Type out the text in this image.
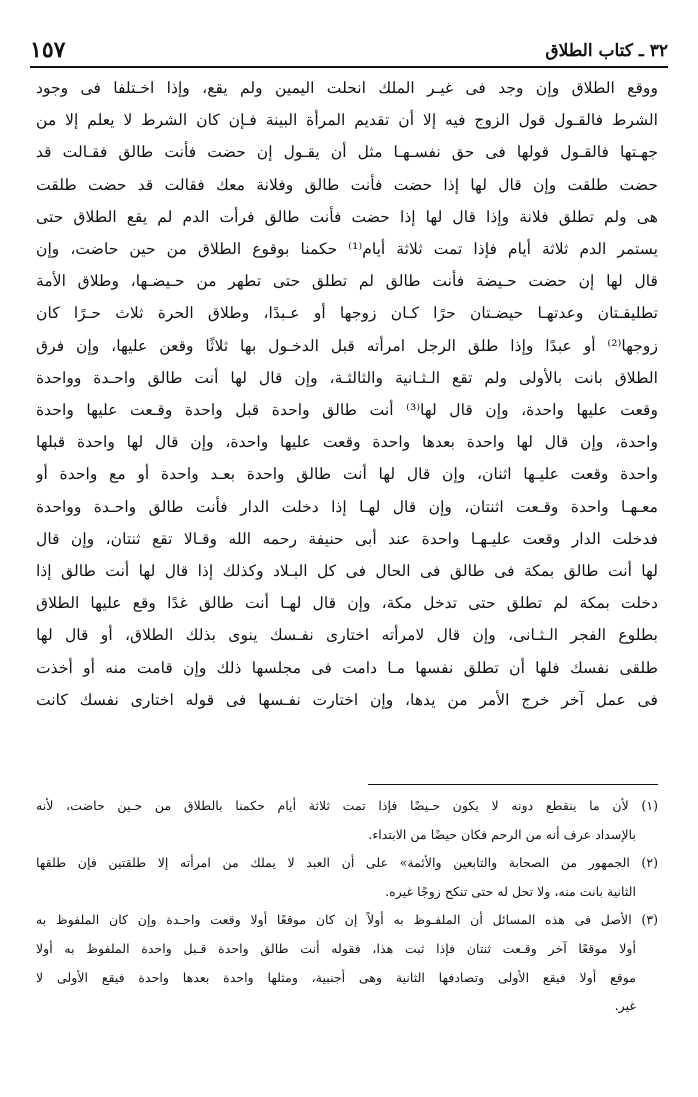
٣٢ ـ كتاب الطلاق
١٥٧
ووقع الطلاق وإن وجد فى غيـر الملك انحلت اليمين ولم يقع، وإذا اخـتلفا فى وجود
الشرط فالقـول قول الزوج فيه إلا أن تقديم المرأة البينة فـإن كان الشرط لا يعلم إلا من
جهـتها فالقـول قولها فى حق نفسـهـا مثل أن يقـول إن حضت فأنت طالق فقـالت قد
حضت طلقت وإن قال لها إذا حضت فأنت طالق وفلانة معك فقالت قد حضت طلقت
هى ولم تطلق فلانة وإذا قال لها إذا حضت فأنت طالق فرأت الدم لم يقع الطلاق حتى
يستمر الدم ثلاثة أيام فإذا تمت ثلاثة أيام⁽¹⁾ حكمنا بوقوع الطلاق من حين حاضت، وإن
قال لها إن حضت حـيضة فأنت طالق لم تطلق حتى تطهر من حـيضـها، وطلاق الأمة
تطليقـتان وعدتهـا حيضـتان حرًا كـان زوجها أو عـبدًا، وطلاق الحرة ثلاث حـرًا كان
زوجها⁽²⁾ أو عبدًا وإذا طلق الرجل امرأته قبل الدخـول بها ثلاثًا وقعن عليها، وإن فرق
الطلاق بانت بالأولى ولم تقع الـثـانية والثالثـة، وإن قال لها أنت طالق واحـدة وواحدة
وقعت عليها واحدة، وإن قال لها⁽³⁾ أنت طالق واحدة قبل واحدة وقـعت عليها واحدة
واحدة، وإن قال لها واحدة بعدها واحدة وقعت عليها واحدة، وإن قال لها واحدة قبلها
واحدة وقعت عليـها اثنان، وإن قال لها أنت طالق واحدة بعـد واحدة أو مع واحدة أو
معـهـا واحدة وقـعت اثنتان، وإن قال لهـا إذا دخلت الدار فأنت طالق واحـدة وواحدة
فدخلت الدار وقعت عليـهـا واحدة عند أبى حنيفة رحمه الله وقـالا تقع ثنتان، وإن قال
لها أنت طالق بمكة فى طالق فى الحال فى كل البـلاد وكذلك إذا قال لها أنت طالق إذا
دخلت بمكة لم تطلق حتى تدخل مكة، وإن قال لهـا أنت طالق غدًا وقع عليها الطلاق
بطلوع الفجر الـثـانى، وإن قال لامرأته اختارى نفـسك ينوى بذلك الطلاق، أو قال لها
طلقى نفسك فلها أن تطلق نفسها مـا دامت فى مجلسها ذلك وإن قامت منه أو أخذت
فى عمل آخر خرج الأمر من يدها، وإن اختارت نفـسها فى قوله اختارى نفسك كانت
(١) لأن ما ينقطع دونه لا يكون حـيضًا فإذا تمت ثلاثة أيام حكمنا بالطلاق من حـين حاضت، لأنه
بالإسداد عرف أنه من الرحم فكان حيضًا من الابتداء.
(٢) الجمهور من الصحابة والتابعين والأئمة» على أن العبد لا يملك من امرأته إلا طلقتين فإن طلقها
الثانية بانت منه، ولا تحل له حتى تنكح زوجًا غيره.
(٣) الأصل فى هذه المسائل أن الملفـوظ به أولاً إن كان موقعًا أولا وقعت واحـدة وإن كان الملفوظ به
أولا موقعًا آخر وقـعت ثنتان فإذا ثبت هذا، فقوله أنت طالق واحدة قـبل واحدة الملفوظ به أولا
موقع أولا فيقع الأولى وتصادفها الثانية وهى أجنبية، ومثلها واحدة بعدها واحدة فيقع الأولى لا
غير.
